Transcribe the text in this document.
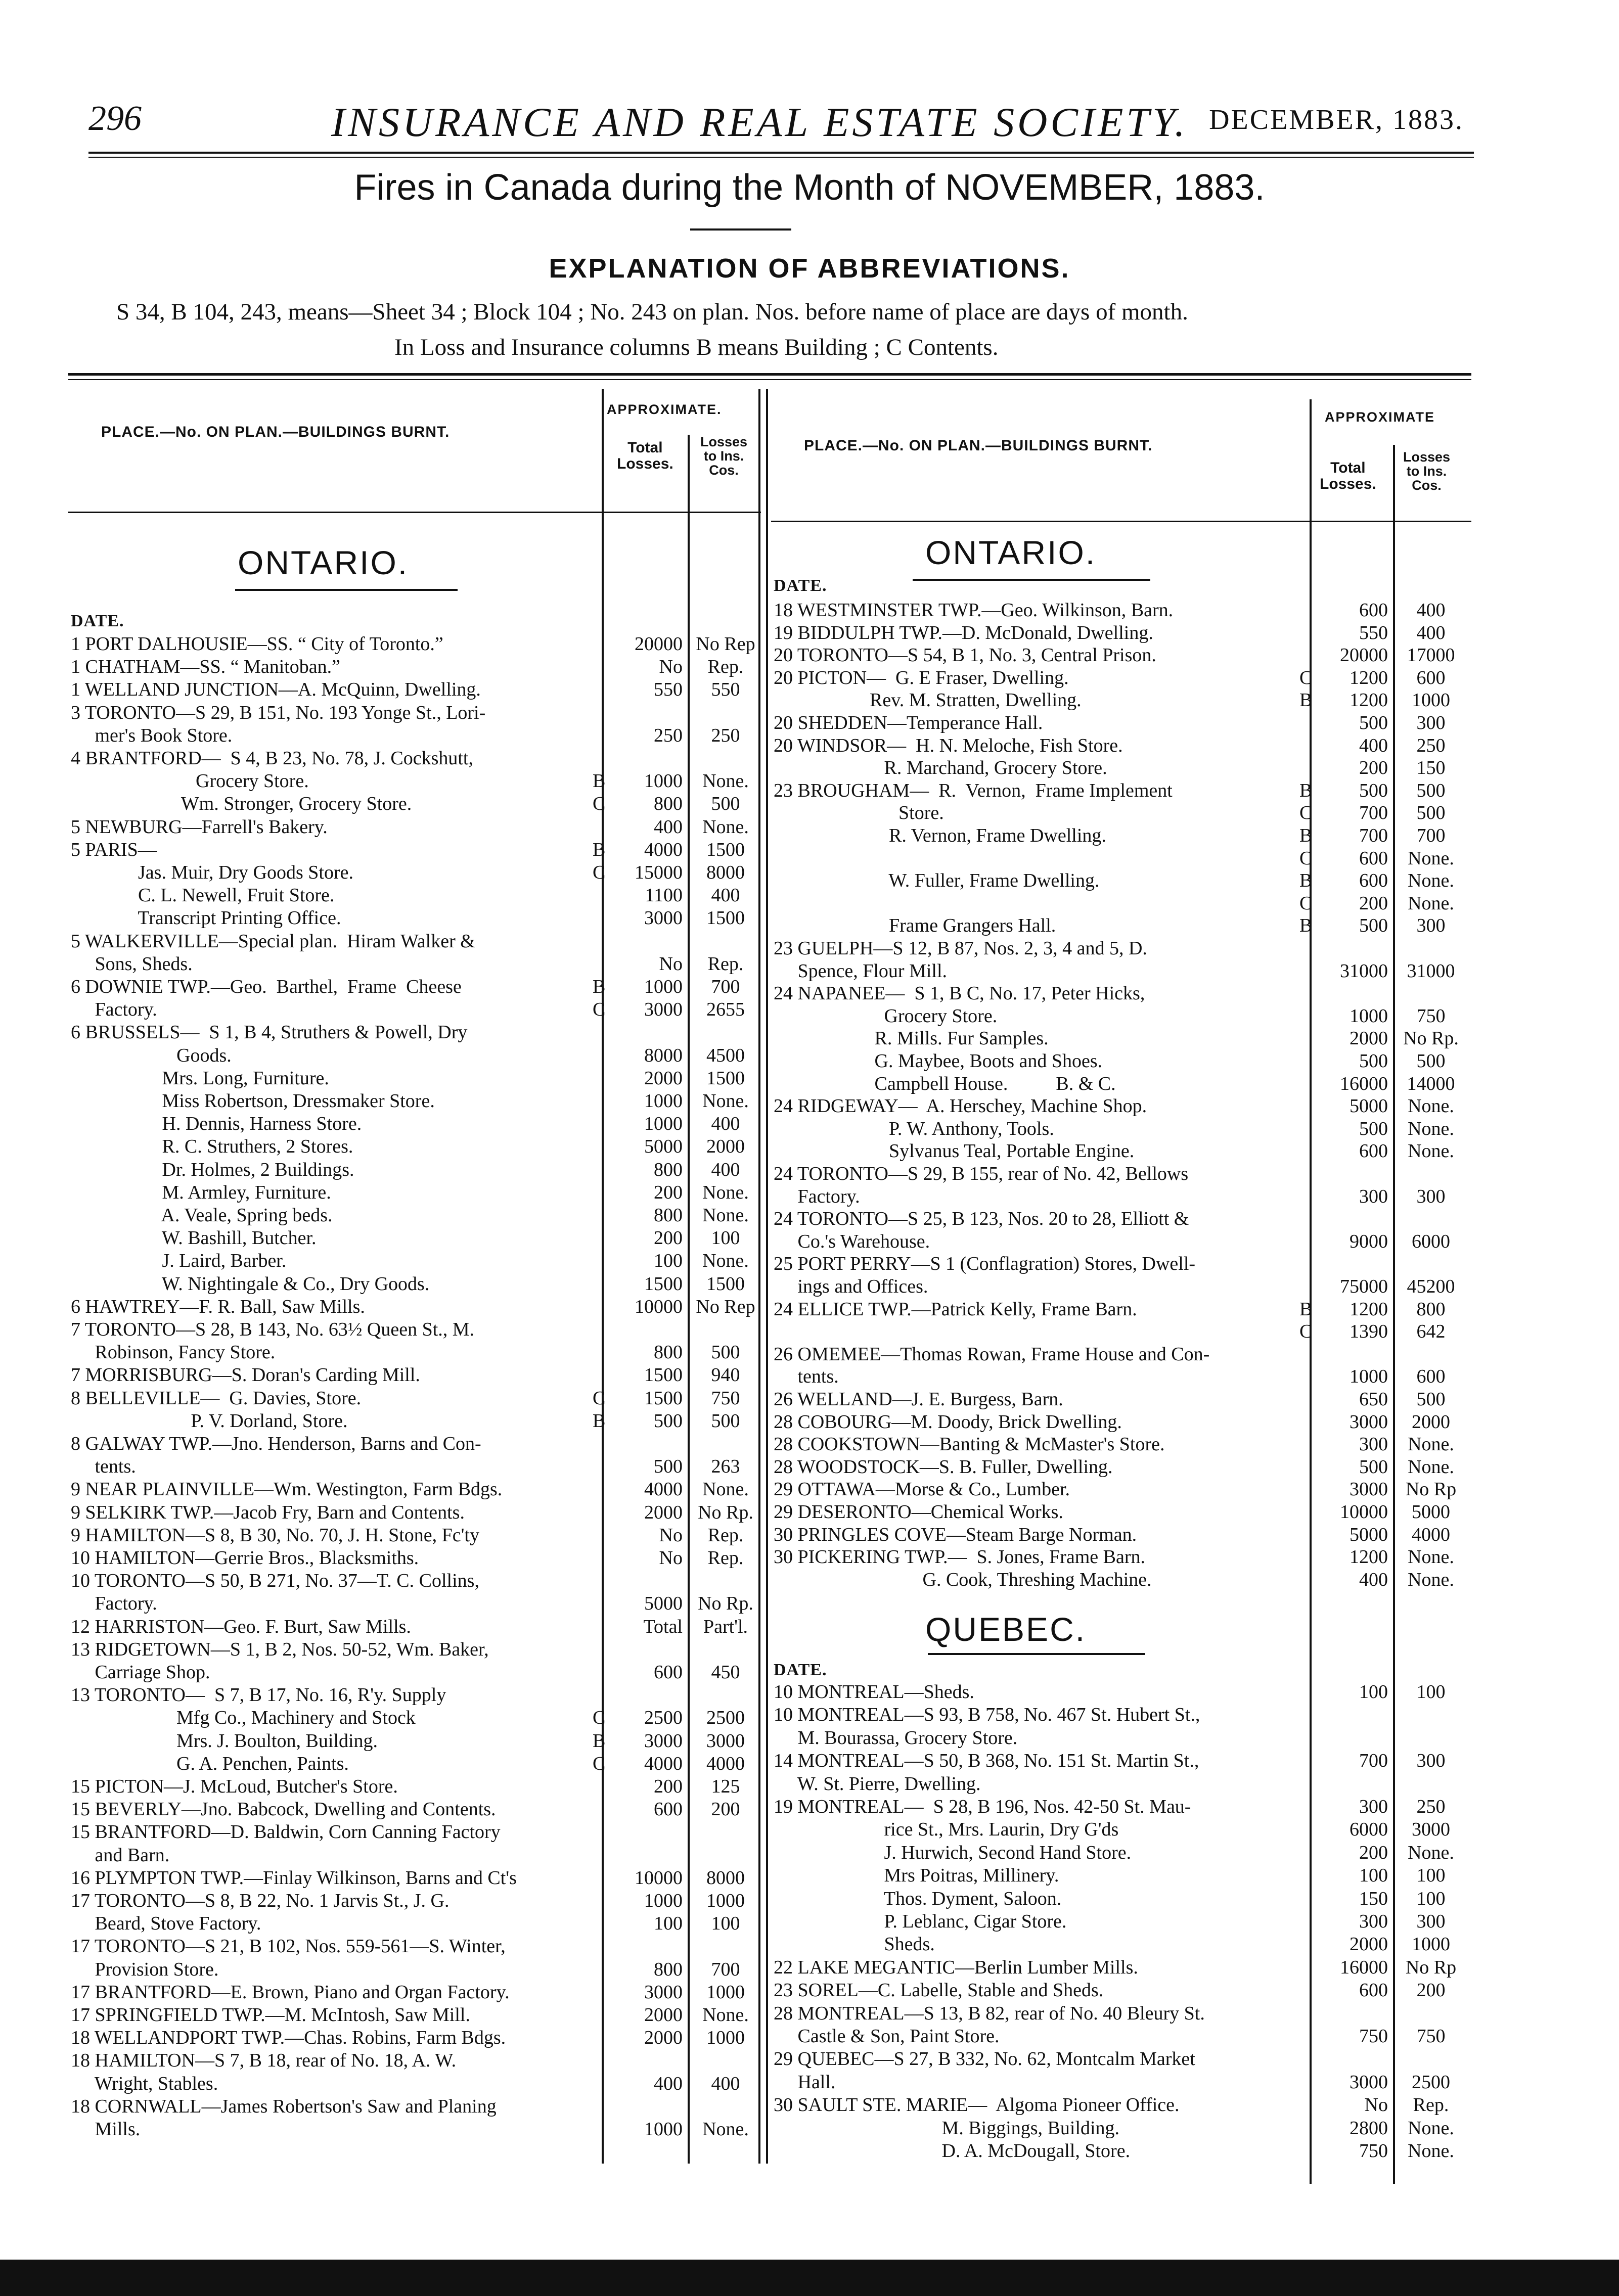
296	INSURANCE AND REAL ESTATE SOCIETY. DECEMBER, 1883.
Fires in Canada during the Month of NOVEMBER, 1883.
EXPLANATION OF ABBREVIATIONS.
S 34, B 104, 243, means—Sheet 34 ; Block 104 ; No. 243 on plan. Nos. before name of place are days of month.
In Loss and Insurance columns B means Building ; C Contents.
PLACE.—No. ON PLAN.—BUILDINGS BURNT.
APPROXIMATE.
Total
Losses.
Losses
to Ins.
Cos.
PLACE.—No. ON PLAN.—BUILDINGS BURNT.
APPROXIMATE
Total
Losses.
Losses
to Ins.
Cos.
ONTARIO.
DATE.
1 PORT DALHOUSIE—SS. “ City of Toronto.”	20000 No Rep
1 CHATHAM—SS. “ Manitoban.”	No	Rep.
1 WELLAND JUNCTION—A. McQuinn, Dwelling.	550	550
3 TORONTO—S 29, B 151, No. 193 Yonge St., Lori-
mer's Book Store.	250	250
4 BRANTFORD—  S 4, B 23, No. 78, J. Cockshutt,
Grocery Store.	B	1000	None.
Wm. Stronger, Grocery Store.	C	800	500
5 NEWBURG—Farrell's Bakery.	400	None.
5 PARIS—	B	4000	1500
Jas. Muir, Dry Goods Store.	C	15000	8000
C. L. Newell, Fruit Store.	1100	400
Transcript Printing Office.	3000	1500
5 WALKERVILLE—Special plan.  Hiram Walker &
Sons, Sheds.	No	Rep.
6 DOWNIE TWP.—Geo.  Barthel,  Frame  Cheese	B	1000	700
Factory.	C	3000	2655
6 BRUSSELS—  S 1, B 4, Struthers & Powell, Dry
Goods.	8000	4500
Mrs. Long, Furniture.	2000	1500
Miss Robertson, Dressmaker Store.	1000	None.
H. Dennis, Harness Store.	1000	400
R. C. Struthers, 2 Stores.	5000	2000
Dr. Holmes, 2 Buildings.	800	400
M. Armley, Furniture.	200	None.
A. Veale, Spring beds.	800	None.
W. Bashill, Butcher.	200	100
J. Laird, Barber.	100	None.
W. Nightingale & Co., Dry Goods.	1500	1500
6 HAWTREY—F. R. Ball, Saw Mills.	10000 No Rep
7 TORONTO—S 28, B 143, No. 63½ Queen St., M.
Robinson, Fancy Store.	800	500
7 MORRISBURG—S. Doran's Carding Mill.	1500	940
8 BELLEVILLE—  G. Davies, Store.	C	1500	750
P. V. Dorland, Store.	B	500	500
8 GALWAY TWP.—Jno. Henderson, Barns and Con-
tents.	500	263
9 NEAR PLAINVILLE—Wm. Westington, Farm Bdgs.	4000	None.
9 SELKIRK TWP.—Jacob Fry, Barn and Contents.	2000 No Rp.
9 HAMILTON—S 8, B 30, No. 70, J. H. Stone, Fc'ty	No	Rep.
10 HAMILTON—Gerrie Bros., Blacksmiths.	No	Rep.
10 TORONTO—S 50, B 271, No. 37—T. C. Collins,
Factory.	5000 No Rp.
12 HARRISTON—Geo. F. Burt, Saw Mills.	Total	Part'l.
13 RIDGETOWN—S 1, B 2, Nos. 50-52, Wm. Baker,
Carriage Shop.	600	450
13 TORONTO—  S 7, B 17, No. 16, R'y. Supply
Mfg Co., Machinery and Stock	C	2500	2500
Mrs. J. Boulton, Building.	B	3000	3000
G. A. Penchen, Paints.	C	4000	4000
15 PICTON—J. McLoud, Butcher's Store.	200	125
15 BEVERLY—Jno. Babcock, Dwelling and Contents.	600	200
15 BRANTFORD—D. Baldwin, Corn Canning Factory
and Barn.
16 PLYMPTON TWP.—Finlay Wilkinson, Barns and Ct's	10000	8000
17 TORONTO—S 8, B 22, No. 1 Jarvis St., J. G.	1000	1000
Beard, Stove Factory.	100	100
17 TORONTO—S 21, B 102, Nos. 559-561—S. Winter,
Provision Store.	800	700
17 BRANTFORD—E. Brown, Piano and Organ Factory.	3000	1000
17 SPRINGFIELD TWP.—M. McIntosh, Saw Mill.	2000	None.
18 WELLANDPORT TWP.—Chas. Robins, Farm Bdgs.	2000	1000
18 HAMILTON—S 7, B 18, rear of No. 18, A. W.
Wright, Stables.	400	400
18 CORNWALL—James Robertson's Saw and Planing
Mills.	1000	None.
ONTARIO.
DATE.
18 WESTMINSTER TWP.—Geo. Wilkinson, Barn.	600	400
19 BIDDULPH TWP.—D. McDonald, Dwelling.	550	400
20 TORONTO—S 54, B 1, No. 3, Central Prison.	20000 17000
20 PICTON—  G. E Fraser, Dwelling.	C	1200	600
Rev. M. Stratten, Dwelling.	B	1200	1000
20 SHEDDEN—Temperance Hall.	500	300
20 WINDSOR—  H. N. Meloche, Fish Store.	400	250
R. Marchand, Grocery Store.	200	150
23 BROUGHAM—  R.  Vernon,  Frame Implement	B	500	500
Store.	C	700	500
R. Vernon, Frame Dwelling.	B	700	700
C	600	None.
W. Fuller, Frame Dwelling.	B	600	None.
C	200	None.
Frame Grangers Hall.	B	500	300
23 GUELPH—S 12, B 87, Nos. 2, 3, 4 and 5, D.
Spence, Flour Mill.	31000 31000
24 NAPANEE—  S 1, B C, No. 17, Peter Hicks,
Grocery Store.	1000	750
R. Mills. Fur Samples.	2000 No Rp.
G. Maybee, Boots and Shoes.	500	500
Campbell House.          B. & C.	16000 14000
24 RIDGEWAY—  A. Herschey, Machine Shop.	5000	None.
P. W. Anthony, Tools.	500	None.
Sylvanus Teal, Portable Engine.	600	None.
24 TORONTO—S 29, B 155, rear of No. 42, Bellows
Factory.	300	300
24 TORONTO—S 25, B 123, Nos. 20 to 28, Elliott &
Co.'s Warehouse.	9000	6000
25 PORT PERRY—S 1 (Conflagration) Stores, Dwell-
ings and Offices.	75000 45200
24 ELLICE TWP.—Patrick Kelly, Frame Barn.	B	1200	800
C	1390	642
26 OMEMEE—Thomas Rowan, Frame House and Con-
tents.	1000	600
26 WELLAND—J. E. Burgess, Barn.	650	500
28 COBOURG—M. Doody, Brick Dwelling.	3000	2000
28 COOKSTOWN—Banting & McMaster's Store.	300	None.
28 WOODSTOCK—S. B. Fuller, Dwelling.	500	None.
29 OTTAWA—Morse & Co., Lumber.	3000 No Rp
29 DESERONTO—Chemical Works.	10000	5000
30 PRINGLES COVE—Steam Barge Norman.	5000	4000
30 PICKERING TWP.—  S. Jones, Frame Barn.	1200	None.
G. Cook, Threshing Machine.	400	None.
QUEBEC.
DATE.
10 MONTREAL—Sheds.	100	100
10 MONTREAL—S 93, B 758, No. 467 St. Hubert St.,
M. Bourassa, Grocery Store.
14 MONTREAL—S 50, B 368, No. 151 St. Martin St.,	700	300
W. St. Pierre, Dwelling.
19 MONTREAL—  S 28, B 196, Nos. 42-50 St. Mau-	300	250
rice St., Mrs. Laurin, Dry G'ds	6000	3000
J. Hurwich, Second Hand Store.	200	None.
Mrs Poitras, Millinery.	100	100
Thos. Dyment, Saloon.	150	100
P. Leblanc, Cigar Store.	300	300
Sheds.	2000	1000
22 LAKE MEGANTIC—Berlin Lumber Mills.	16000 No Rp
23 SOREL—C. Labelle, Stable and Sheds.	600	200
28 MONTREAL—S 13, B 82, rear of No. 40 Bleury St.
Castle & Son, Paint Store.	750	750
29 QUEBEC—S 27, B 332, No. 62, Montcalm Market
Hall.	3000	2500
30 SAULT STE. MARIE—  Algoma Pioneer Office.	No	Rep.
M. Biggings, Building.	2800	None.
D. A. McDougall, Store.	750	None.
